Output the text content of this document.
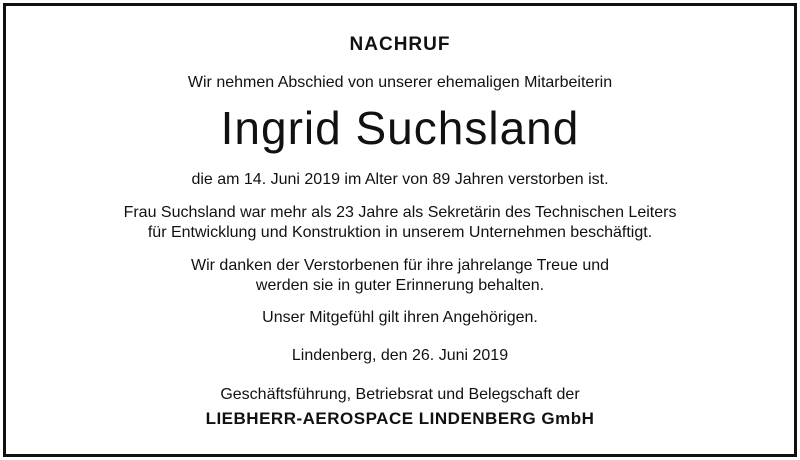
NACHRUF
Wir nehmen Abschied von unserer ehemaligen Mitarbeiterin
Ingrid Suchsland
die am 14. Juni 2019 im Alter von 89 Jahren verstorben ist.
Frau Suchsland war mehr als 23 Jahre als Sekretärin des Technischen Leiters
für Entwicklung und Konstruktion in unserem Unternehmen beschäftigt.
Wir danken der Verstorbenen für ihre jahrelange Treue und
werden sie in guter Erinnerung behalten.
Unser Mitgefühl gilt ihren Angehörigen.
Lindenberg, den 26. Juni 2019
Geschäftsführung, Betriebsrat und Belegschaft der
LIEBHERR-AEROSPACE LINDENBERG GmbH
